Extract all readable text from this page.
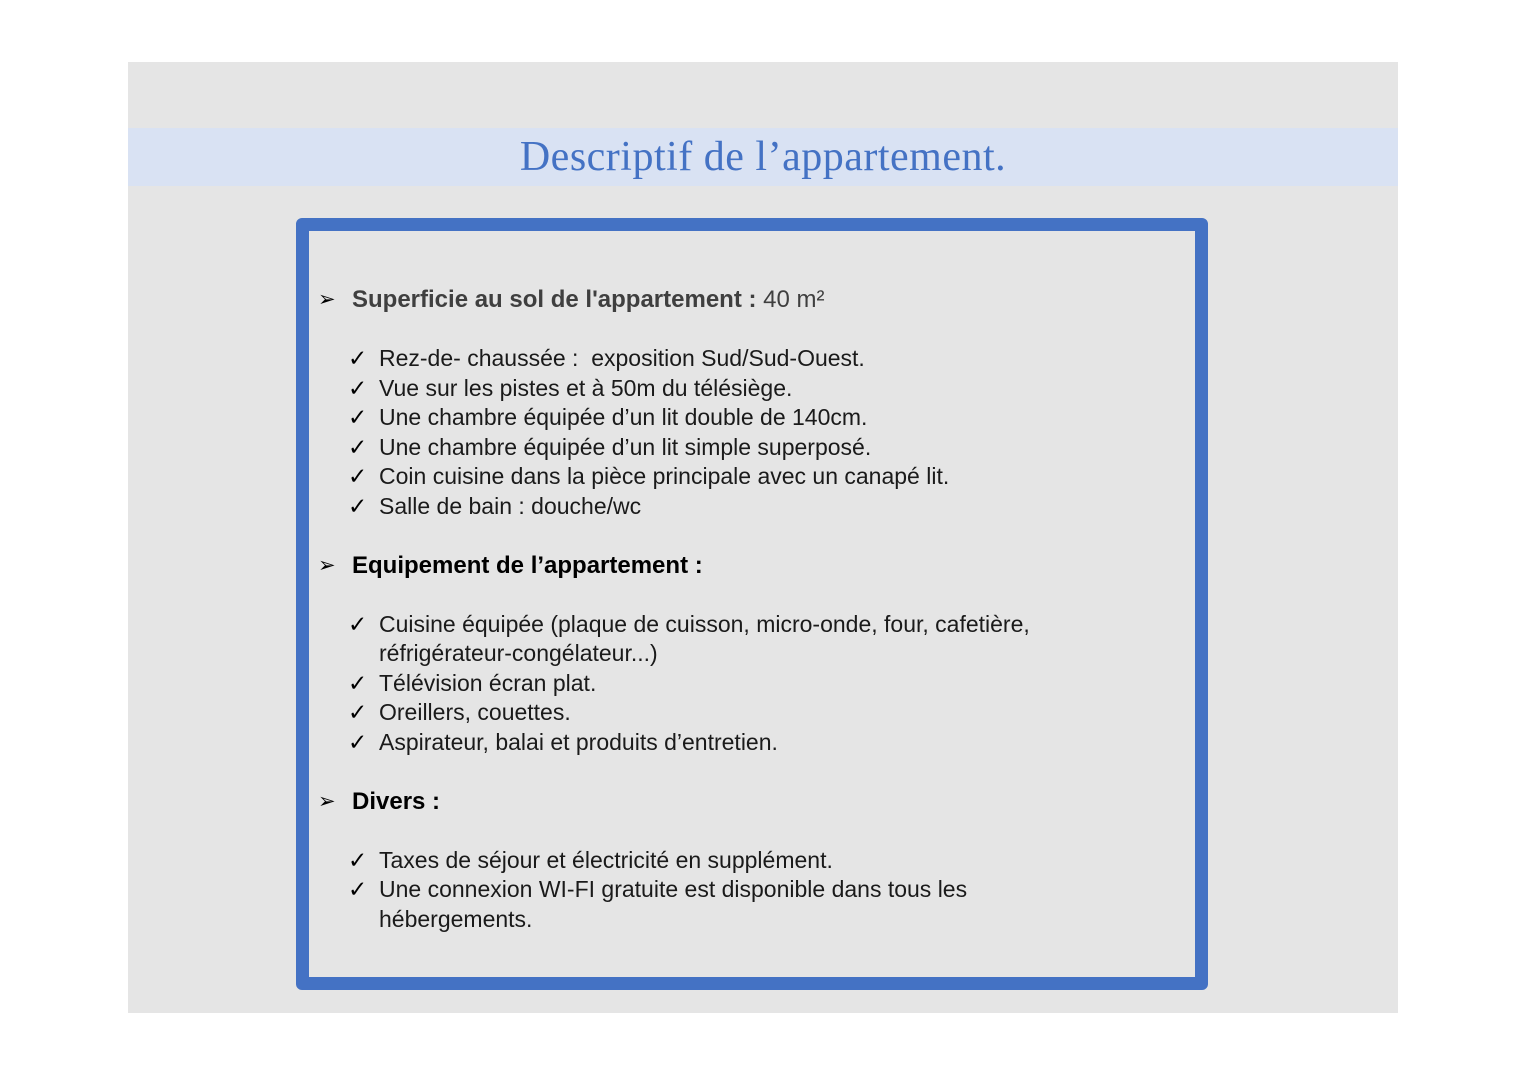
Descriptif de l’appartement.
➢ Superficie au sol de l'appartement : 40 m²
✓ Rez-de- chaussée :  exposition Sud/Sud-Ouest.
✓ Vue sur les pistes et à 50m du télésiège.
✓ Une chambre équipée d’un lit double de 140cm.
✓ Une chambre équipée d’un lit simple superposé.
✓ Coin cuisine dans la pièce principale avec un canapé lit.
✓ Salle de bain : douche/wc
➢ Equipement de l’appartement :
✓ Cuisine équipée (plaque de cuisson, micro-onde, four, cafetière, réfrigérateur-congélateur...)
✓ Télévision écran plat.
✓ Oreillers, couettes.
✓ Aspirateur, balai et produits d’entretien.
➢ Divers :
✓ Taxes de séjour et électricité en supplément.
✓ Une connexion WI-FI gratuite est disponible dans tous les hébergements.
